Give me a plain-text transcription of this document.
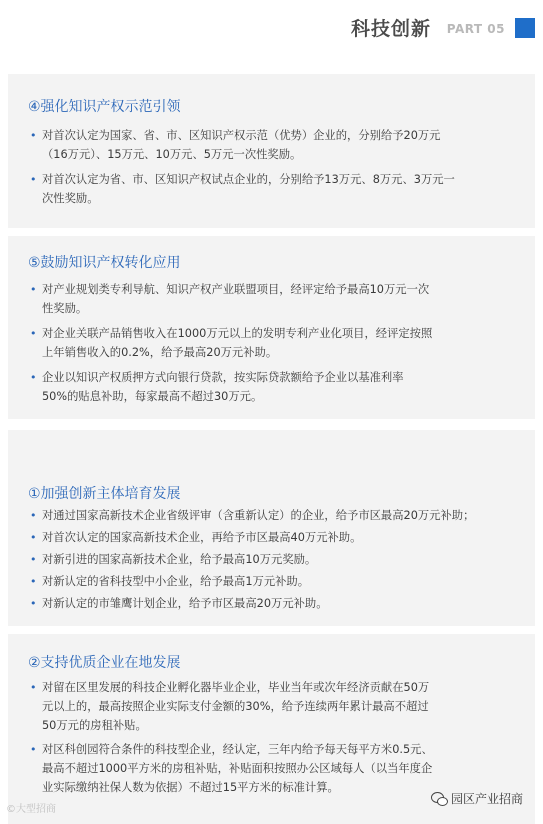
科技创新 PART 05
④强化知识产权示范引领
• 对首次认定为国家、省、市、区知识产权示范（优势）企业的，分别给予20万元
（16万元）、15万元、10万元、5万元一次性奖励。
• 对首次认定为省、市、区知识产权试点企业的，分别给予13万元、8万元、3万元一
次性奖励。
⑤鼓励知识产权转化应用
• 对产业规划类专利导航、知识产权产业联盟项目，经评定给予最高10万元一次
性奖励。
• 对企业关联产品销售收入在1000万元以上的发明专利产业化项目，经评定按照
上年销售收入的0.2%，给予最高20万元补助。
• 企业以知识产权质押方式向银行贷款，按实际贷款额给予企业以基准利率
50%的贴息补助，每家最高不超过30万元。
①加强创新主体培育发展
• 对通过国家高新技术企业省级评审（含重新认定）的企业，给予市区最高20万元补助；
• 对首次认定的国家高新技术企业，再给予市区最高40万元补助。
• 对新引进的国家高新技术企业，给予最高10万元奖励。
• 对新认定的省科技型中小企业，给予最高1万元补助。
• 对新认定的市雏鹰计划企业，给予市区最高20万元补助。
②支持优质企业在地发展
• 对留在区里发展的科技企业孵化器毕业企业，毕业当年或次年经济贡献在50万
元以上的，最高按照企业实际支付金额的30%，给予连续两年累计最高不超过
50万元的房租补贴。
• 对区科创园符合条件的科技型企业，经认定，三年内给予每天每平方米0.5元、
最高不超过1000平方米的房租补贴，补贴面积按照办公区域每人（以当年度企
业实际缴纳社保人数为依据）不超过15平方米的标准计算。
©大型招商
园区产业招商
